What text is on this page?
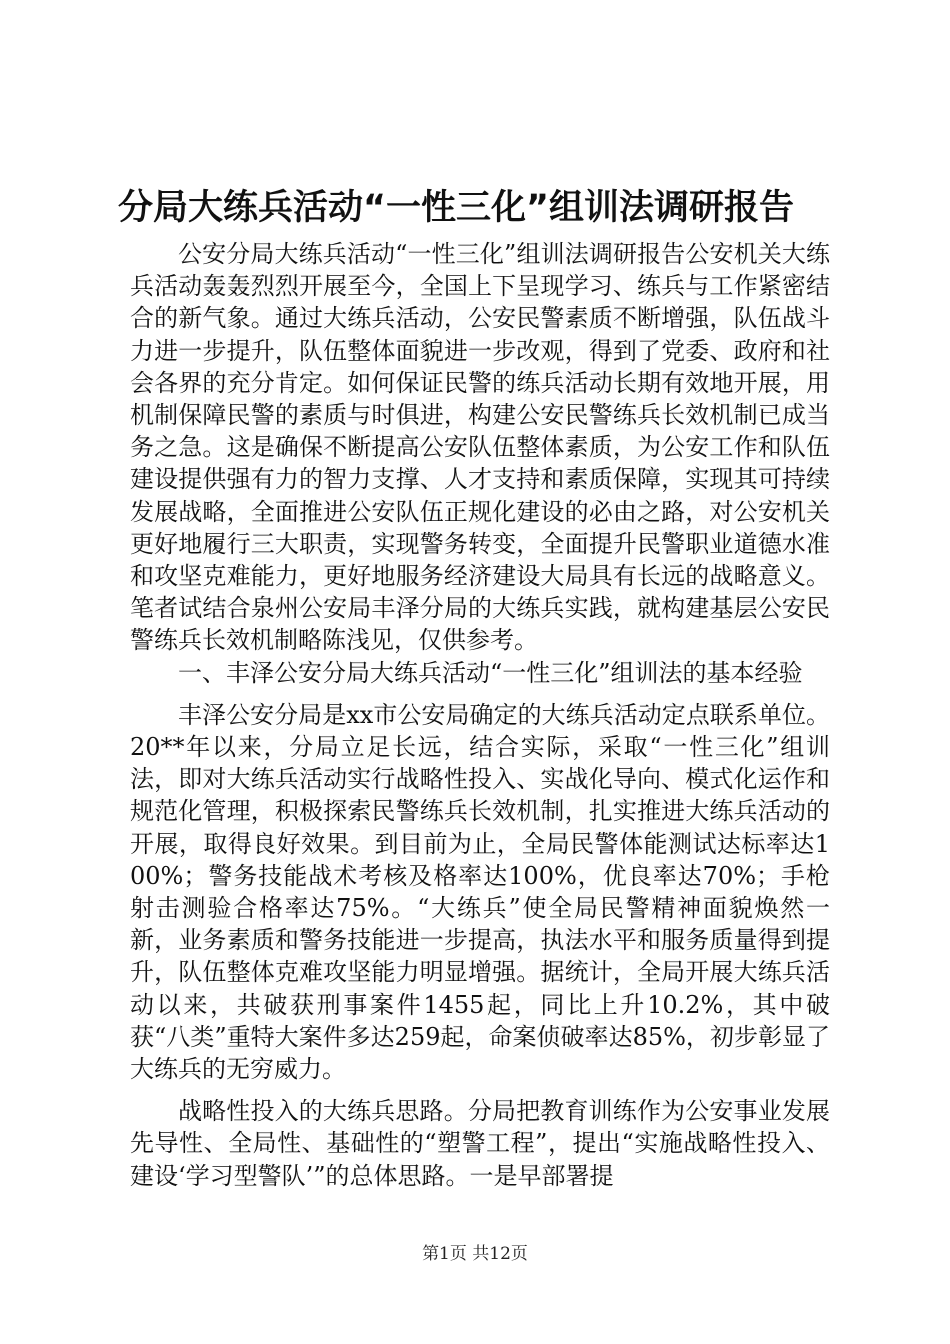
分局大练兵活动“一性三化”组训法调研报告

公安分局大练兵活动“一性三化”组训法调研报告公安机关大练兵活动轰轰烈烈开展至今，全国上下呈现学习、练兵与工作紧密结合的新气象。通过大练兵活动，公安民警素质不断增强，队伍战斗力进一步提升，队伍整体面貌进一步改观，得到了党委、政府和社会各界的充分肯定。如何保证民警的练兵活动长期有效地开展，用机制保障民警的素质与时俱进，构建公安民警练兵长效机制已成当务之急。这是确保不断提高公安队伍整体素质，为公安工作和队伍建设提供强有力的智力支撑、人才支持和素质保障，实现其可持续发展战略，全面推进公安队伍正规化建设的必由之路，对公安机关更好地履行三大职责，实现警务转变，全面提升民警职业道德水准和攻坚克难能力，更好地服务经济建设大局具有长远的战略意义。笔者试结合泉州公安局丰泽分局的大练兵实践，就构建基层公安民警练兵长效机制略陈浅见，仅供参考。

一、丰泽公安分局大练兵活动“一性三化”组训法的基本经验

丰泽公安分局是xx市公安局确定的大练兵活动定点联系单位。20**年以来，分局立足长远，结合实际，采取“一性三化”组训法，即对大练兵活动实行战略性投入、实战化导向、模式化运作和规范化管理，积极探索民警练兵长效机制，扎实推进大练兵活动的开展，取得良好效果。到目前为止，全局民警体能测试达标率达100%；警务技能战术考核及格率达100%，优良率达70%；手枪射击测验合格率达75%。“大练兵”使全局民警精神面貌焕然一新，业务素质和警务技能进一步提高，执法水平和服务质量得到提升，队伍整体克难攻坚能力明显增强。据统计，全局开展大练兵活动以来，共破获刑事案件1455起，同比上升10.2%，其中破获“八类”重特大案件多达259起，命案侦破率达85%，初步彰显了大练兵的无穷威力。

战略性投入的大练兵思路。分局把教育训练作为公安事业发展先导性、全局性、基础性的“塑警工程”，提出“实施战略性投入、建设‘学习型警队’”的总体思路。一是早部署提

第1页 共12页
